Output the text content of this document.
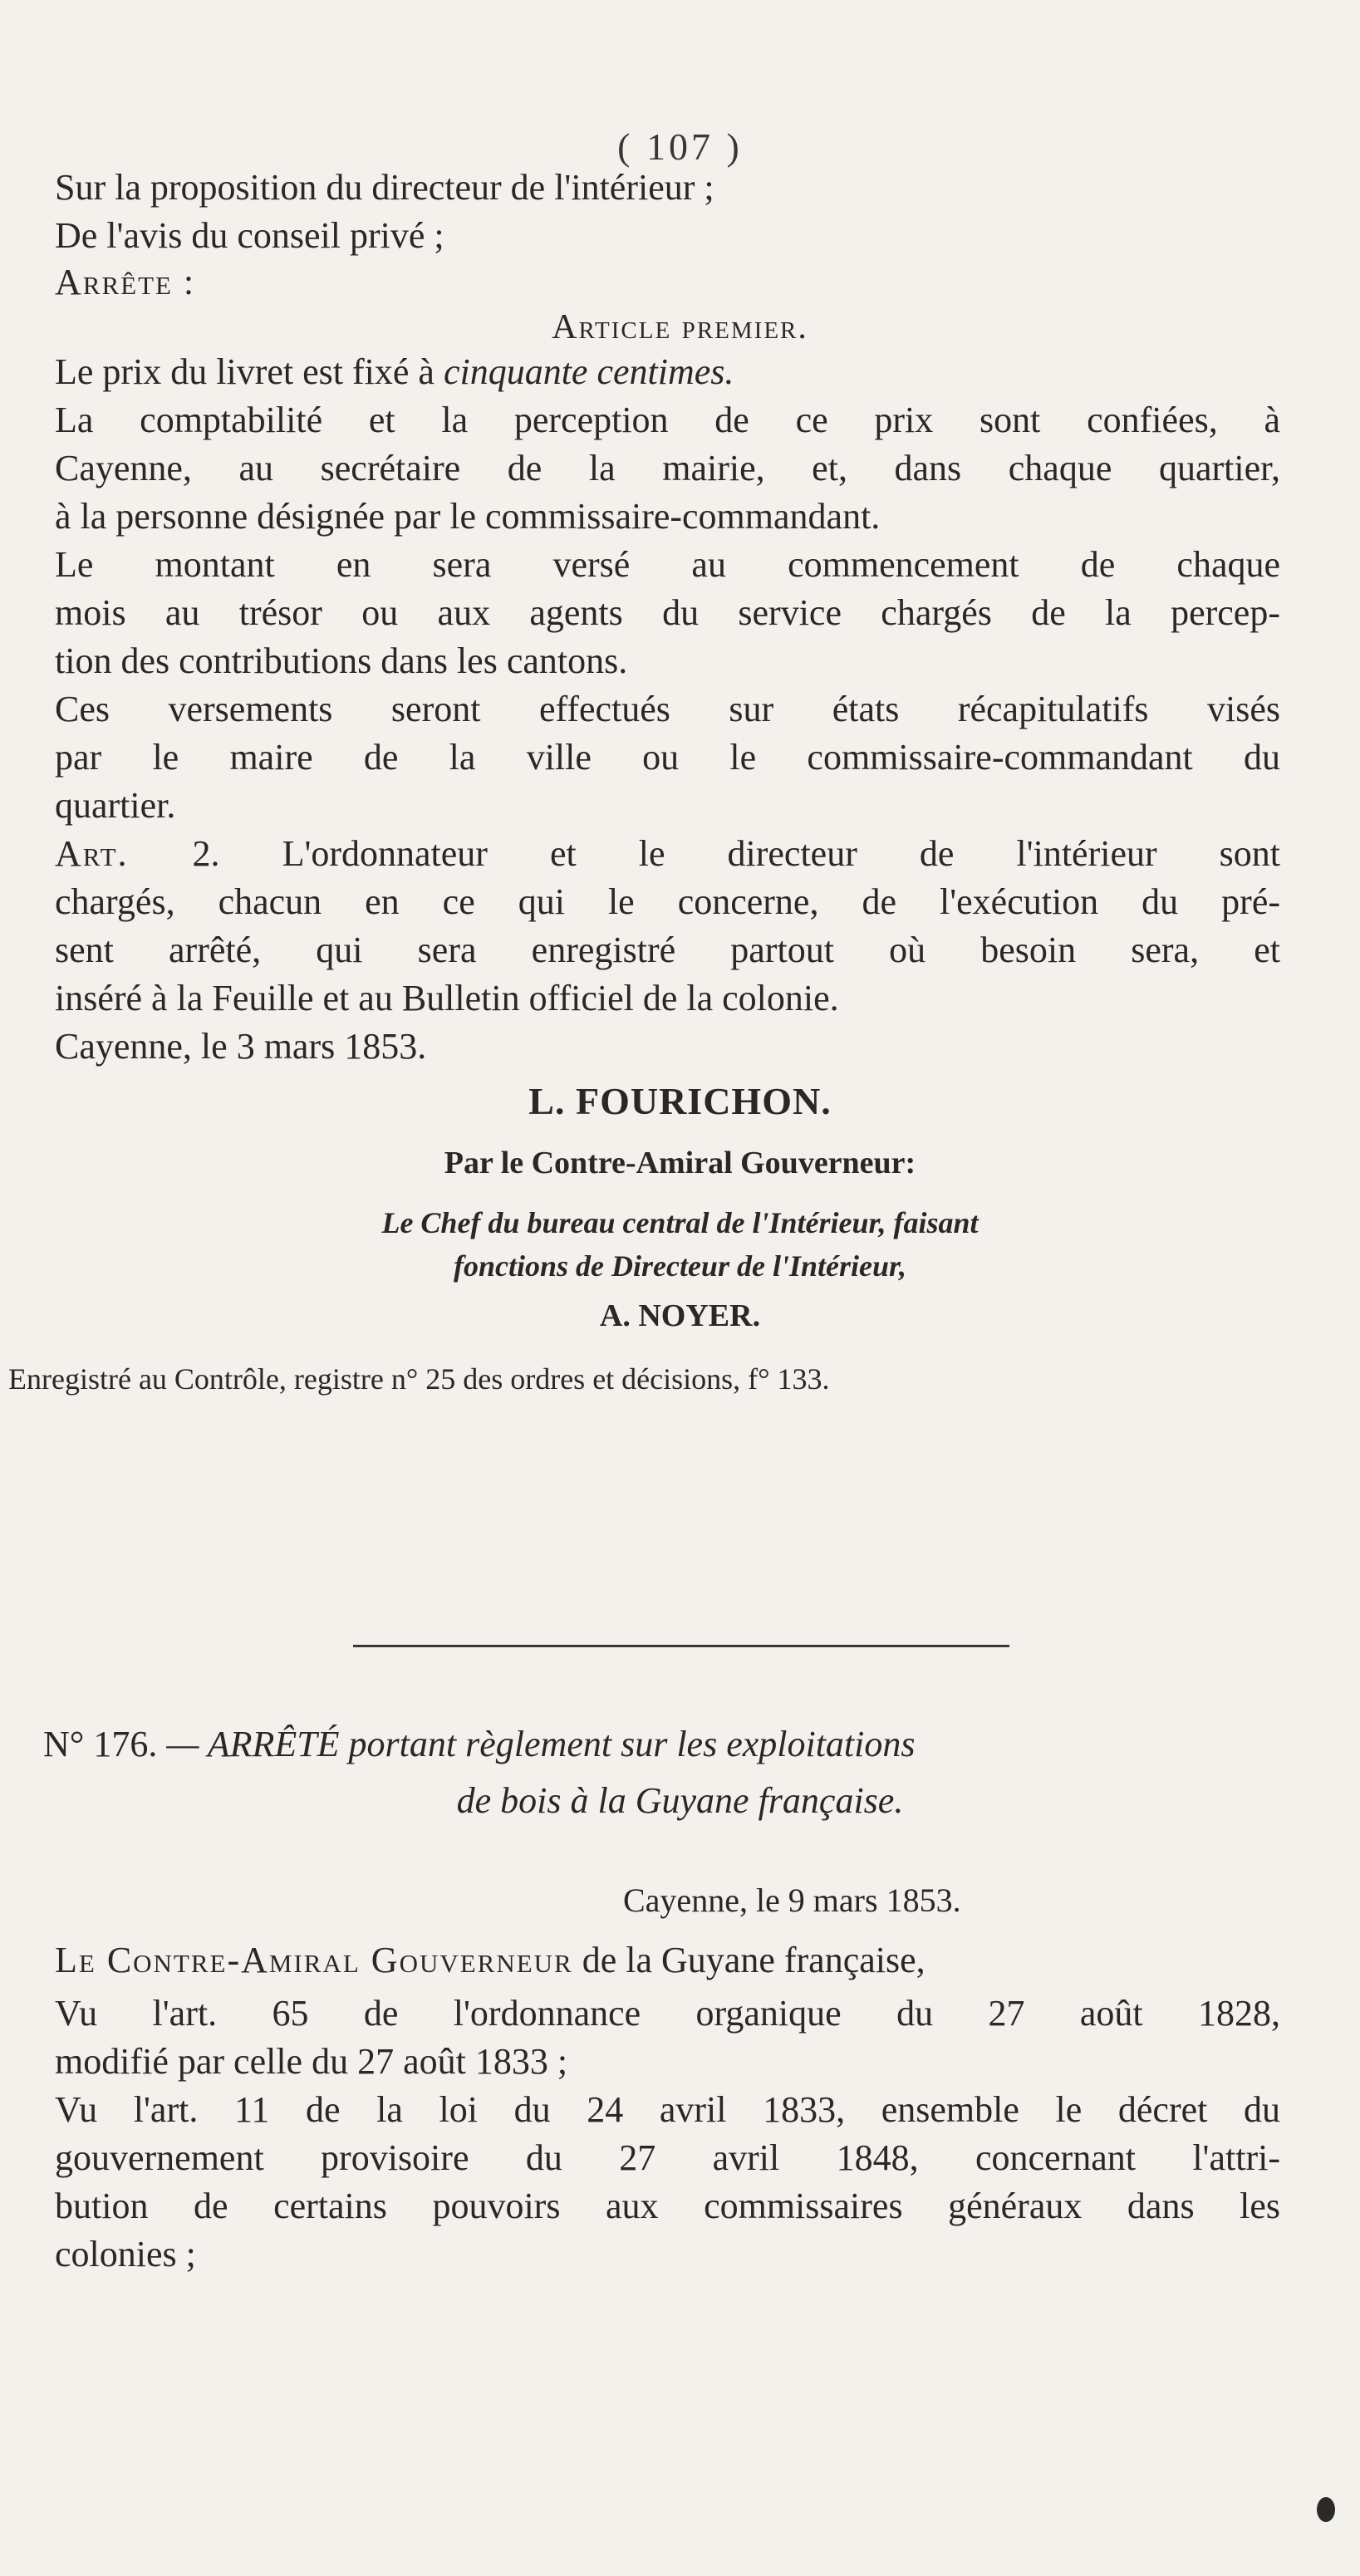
( 107 )
Sur la proposition du directeur de l'intérieur ;
De l'avis du conseil privé ;
Arrête :
Article premier.
Le prix du livret est fixé à cinquante centimes.
La comptabilité et la perception de ce prix sont confiées, à
Cayenne, au secrétaire de la mairie, et, dans chaque quartier,
à la personne désignée par le commissaire-commandant.
Le montant en sera versé au commencement de chaque
mois au trésor ou aux agents du service chargés de la percep-
tion des contributions dans les cantons.
Ces versements seront effectués sur états récapitulatifs visés
par le maire de la ville ou le commissaire-commandant du
quartier.
Art. 2. L'ordonnateur et le directeur de l'intérieur sont
chargés, chacun en ce qui le concerne, de l'exécution du pré-
sent arrêté, qui sera enregistré partout où besoin sera, et
inséré à la Feuille et au Bulletin officiel de la colonie.
Cayenne, le 3 mars 1853.
L. FOURICHON.
Par le Contre-Amiral Gouverneur:
Le Chef du bureau central de l'Intérieur, faisant
fonctions de Directeur de l'Intérieur,
A. NOYER.
Enregistré au Contrôle, registre n° 25 des ordres et décisions, f° 133.
N° 176. — ARRÊTÉ portant règlement sur les exploitations
de bois à la Guyane française.
Cayenne, le 9 mars 1853.
Le Contre-Amiral Gouverneur de la Guyane française,
Vu l'art. 65 de l'ordonnance organique du 27 août 1828,
modifié par celle du 27 août 1833 ;
Vu l'art. 11 de la loi du 24 avril 1833, ensemble le décret du
gouvernement provisoire du 27 avril 1848, concernant l'attri-
bution de certains pouvoirs aux commissaires généraux dans les
colonies ;
